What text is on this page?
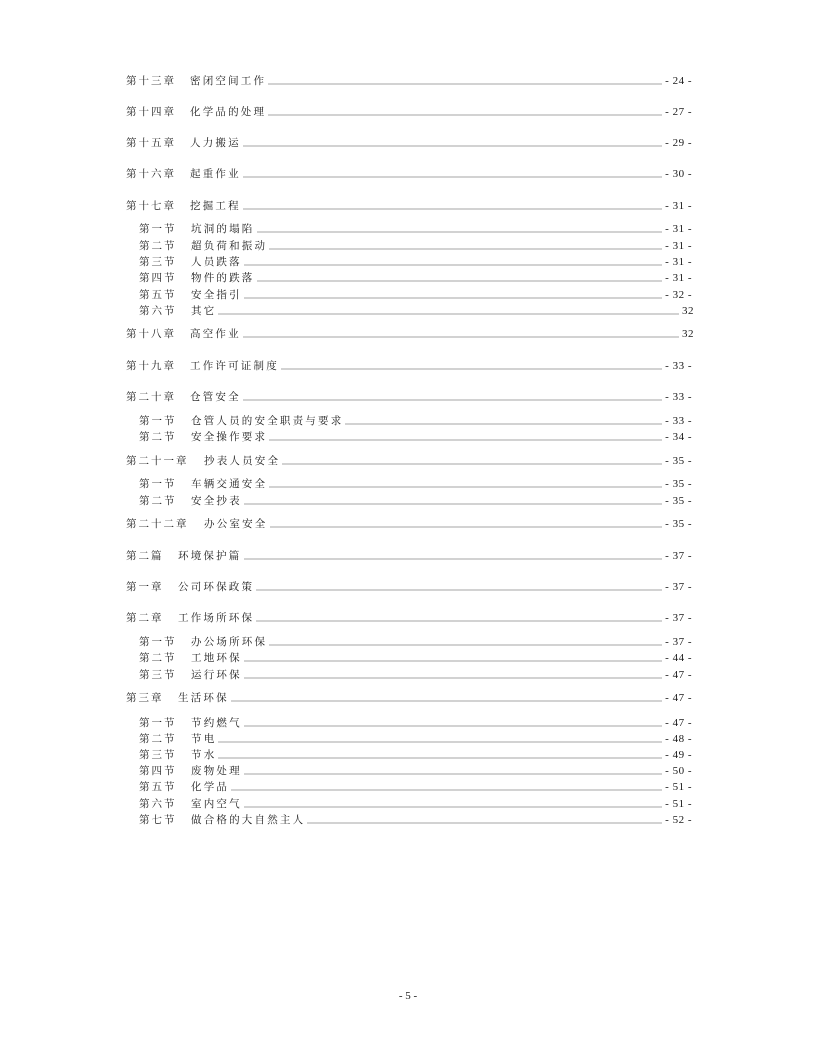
第十三章	密闭空间工作	- 24 -
第十四章	化学品的处理	- 27 -
第十五章	人力搬运	- 29 -
第十六章	起重作业	- 30 -
第十七章	挖掘工程	- 31 -
第一节	坑洞的塌陷	- 31 -
第二节	超负荷和振动	- 31 -
第三节	人员跌落	- 31 -
第四节	物件的跌落	- 31 -
第五节	安全指引	- 32 -
第六节	其它	32
第十八章	高空作业	32
第十九章	工作许可证制度	- 33 -
第二十章	仓管安全	- 33 -
第一节	仓管人员的安全职责与要求	- 33 -
第二节	安全操作要求	- 34 -
第二十一章	抄表人员安全	- 35 -
第一节	车辆交通安全	- 35 -
第二节	安全抄表	- 35 -
第二十二章	办公室安全	- 35 -
第二篇	环境保护篇	- 37 -
第一章	公司环保政策	- 37 -
第二章	工作场所环保	- 37 -
第一节	办公场所环保	- 37 -
第二节	工地环保	- 44 -
第三节	运行环保	- 47 -
第三章	生活环保	- 47 -
第一节	节约燃气	- 47 -
第二节	节电	- 48 -
第三节	节水	- 49 -
第四节	废物处理	- 50 -
第五节	化学品	- 51 -
第六节	室内空气	- 51 -
第七节	做合格的大自然主人	- 52 -
- 5 -
